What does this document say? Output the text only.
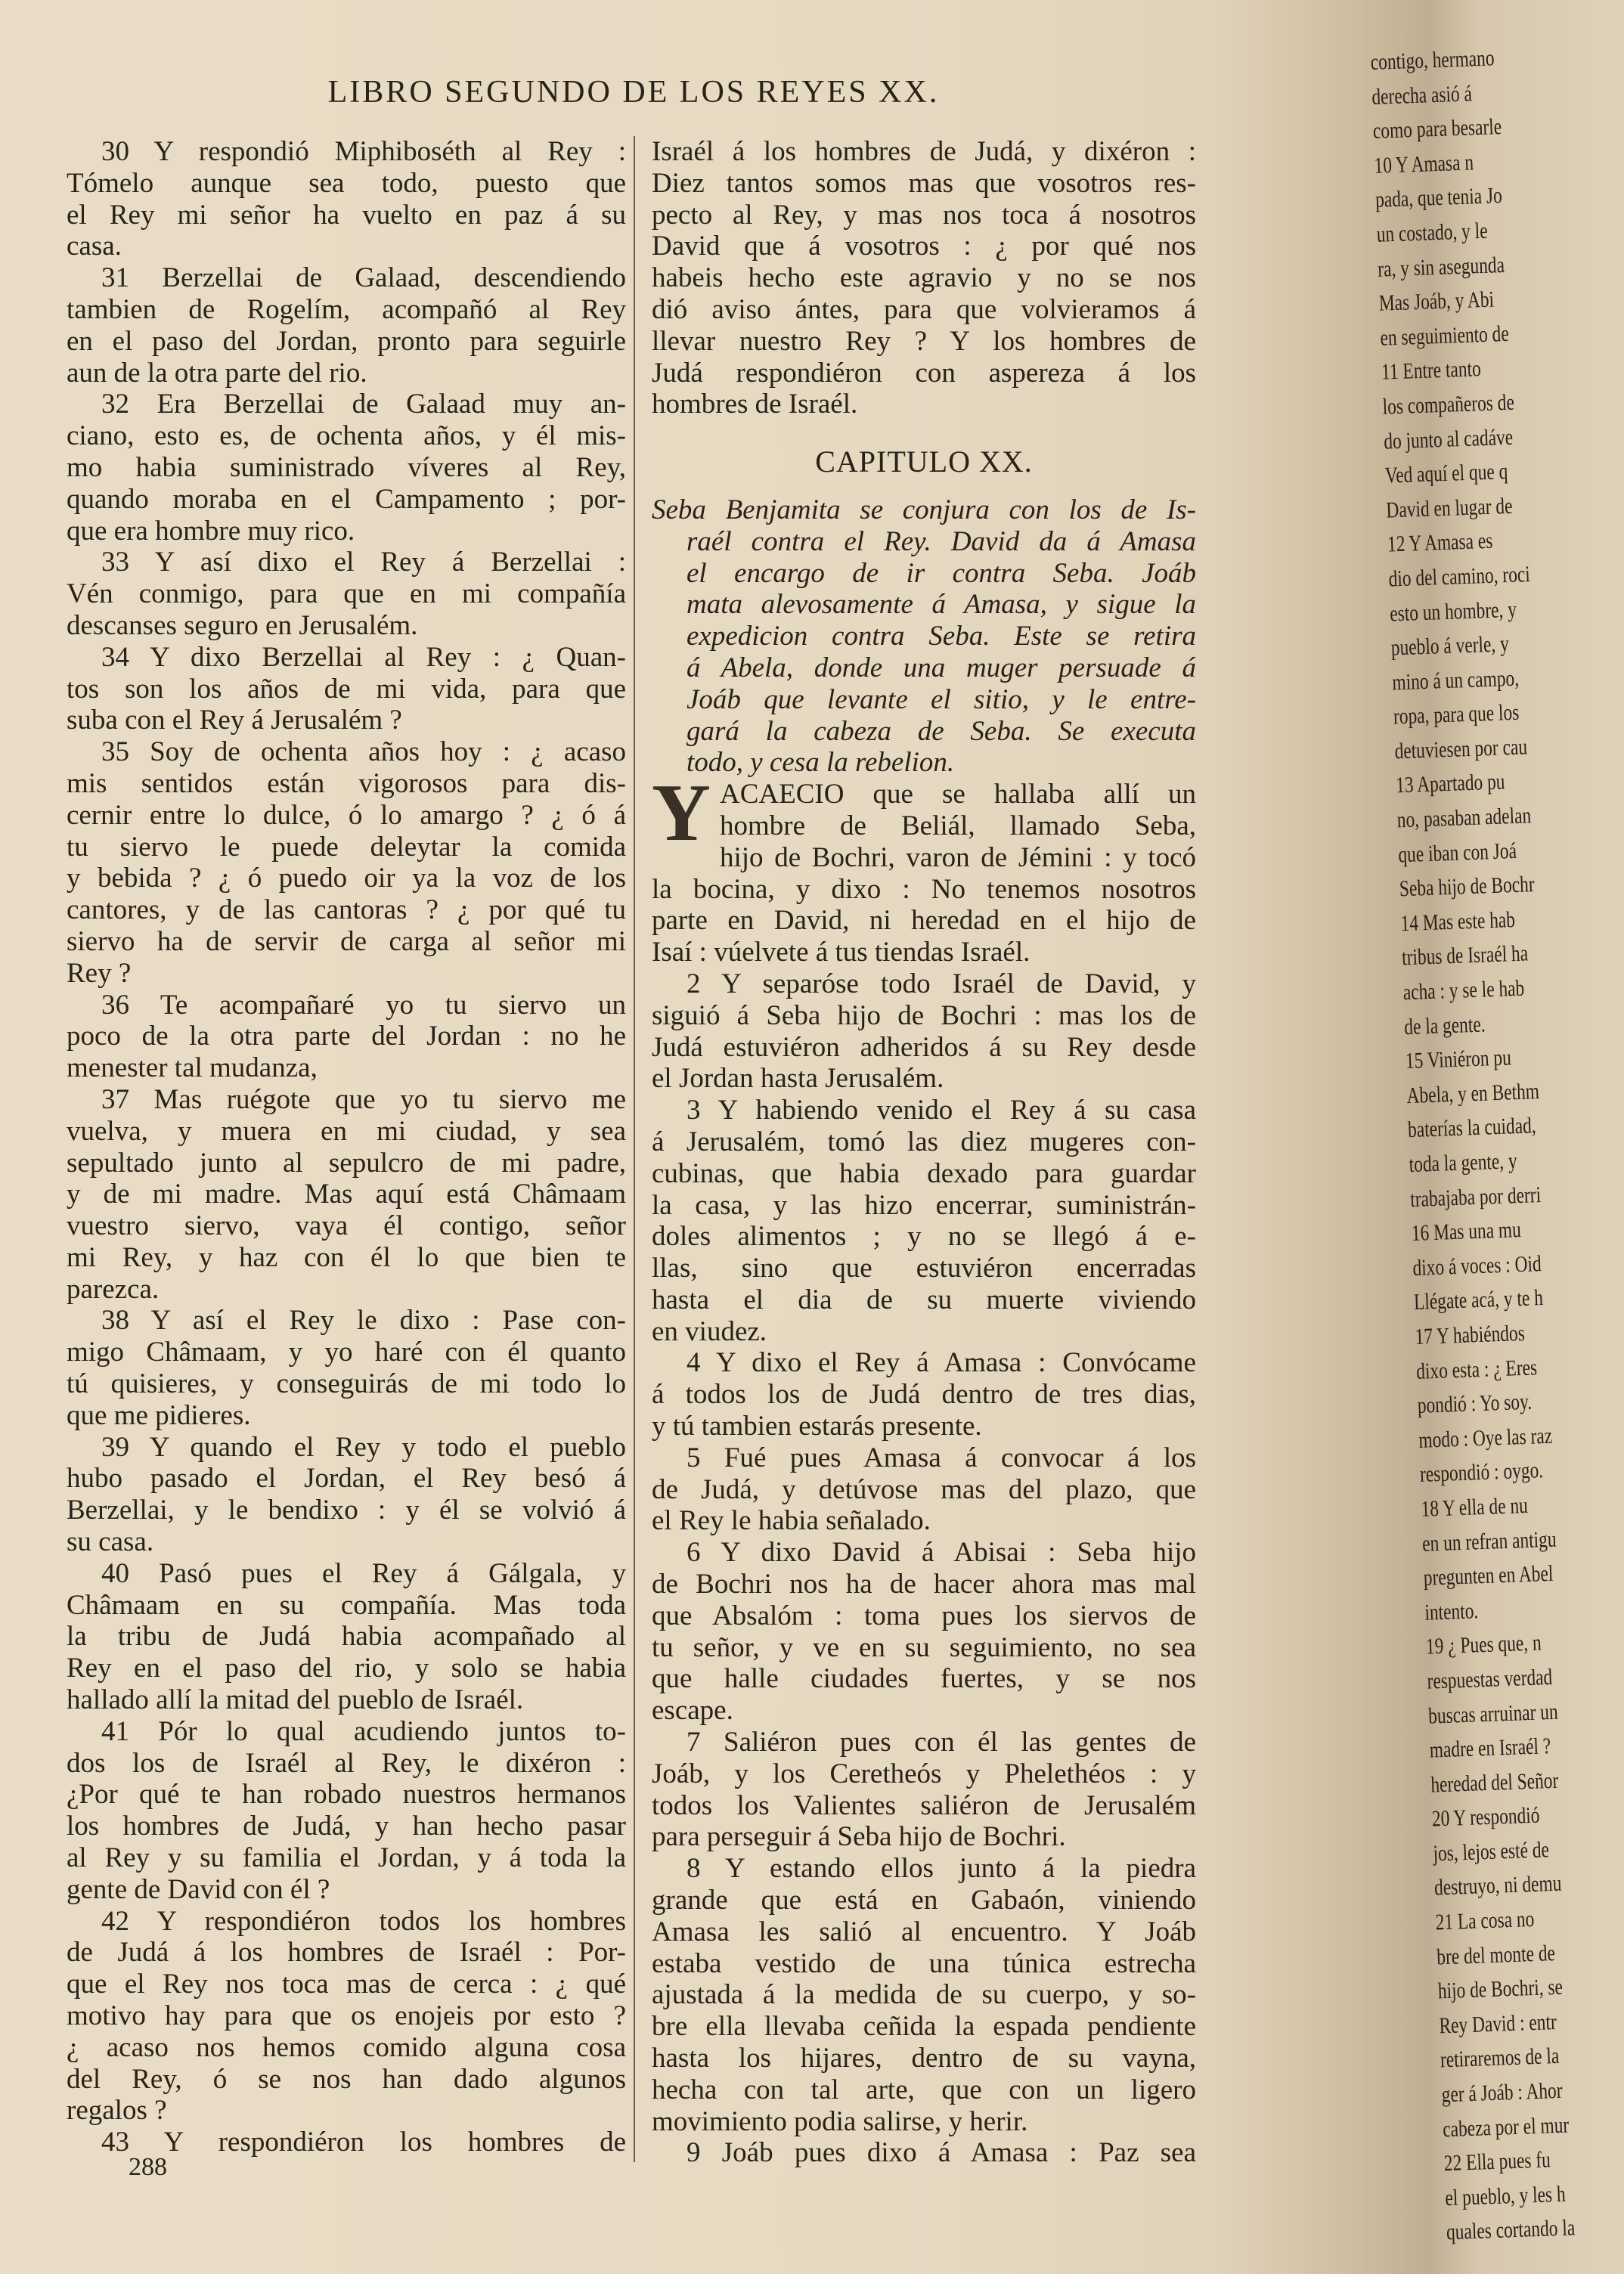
LIBRO SEGUNDO DE LOS REYES XX.
30 Y respondió Miphiboséth al Rey :
Tómelo aunque sea todo, puesto que
el Rey mi señor ha vuelto en paz á su
casa.
31 Berzellai de Galaad, descendiendo
tambien de Rogelím, acompañó al Rey
en el paso del Jordan, pronto para seguirle
aun de la otra parte del rio.
32 Era Berzellai de Galaad muy an-
ciano, esto es, de ochenta años, y él mis-
mo habia suministrado víveres al Rey,
quando moraba en el Campamento ; por-
que era hombre muy rico.
33 Y así dixo el Rey á Berzellai :
Vén conmigo, para que en mi compañía
descanses seguro en Jerusalém.
34 Y dixo Berzellai al Rey : ¿ Quan-
tos son los años de mi vida, para que
suba con el Rey á Jerusalém ?
35 Soy de ochenta años hoy : ¿ acaso
mis sentidos están vigorosos para dis-
cernir entre lo dulce, ó lo amargo ? ¿ ó á
tu siervo le puede deleytar la comida
y bebida ? ¿ ó puedo oir ya la voz de los
cantores, y de las cantoras ? ¿ por qué tu
siervo ha de servir de carga al señor mi
Rey ?
36 Te acompañaré yo tu siervo un
poco de la otra parte del Jordan : no he
menester tal mudanza,
37 Mas ruégote que yo tu siervo me
vuelva, y muera en mi ciudad, y sea
sepultado junto al sepulcro de mi padre,
y de mi madre. Mas aquí está Châmaam
vuestro siervo, vaya él contigo, señor
mi Rey, y haz con él lo que bien te
parezca.
38 Y así el Rey le dixo : Pase con-
migo Châmaam, y yo haré con él quanto
tú quisieres, y conseguirás de mi todo lo
que me pidieres.
39 Y quando el Rey y todo el pueblo
hubo pasado el Jordan, el Rey besó á
Berzellai, y le bendixo : y él se volvió á
su casa.
40 Pasó pues el Rey á Gálgala, y
Châmaam en su compañía. Mas toda
la tribu de Judá habia acompañado al
Rey en el paso del rio, y solo se habia
hallado allí la mitad del pueblo de Israél.
41 Pór lo qual acudiendo juntos to-
dos los de Israél al Rey, le dixéron :
¿Por qué te han robado nuestros hermanos
los hombres de Judá, y han hecho pasar
al Rey y su familia el Jordan, y á toda la
gente de David con él ?
42 Y respondiéron todos los hombres
de Judá á los hombres de Israél : Por-
que el Rey nos toca mas de cerca : ¿ qué
motivo hay para que os enojeis por esto ?
¿ acaso nos hemos comido alguna cosa
del Rey, ó se nos han dado algunos
regalos ?
43 Y respondiéron los hombres de
Israél á los hombres de Judá, y dixéron :
Diez tantos somos mas que vosotros res-
pecto al Rey, y mas nos toca á nosotros
David que á vosotros : ¿ por qué nos
habeis hecho este agravio y no se nos
dió aviso ántes, para que volvieramos á
llevar nuestro Rey ? Y los hombres de
Judá respondiéron con aspereza á los
hombres de Israél.
CAPITULO XX.
Seba Benjamita se conjura con los de Is-
raél contra el Rey. David da á Amasa
el encargo de ir contra Seba. Joáb
mata alevosamente á Amasa, y sigue la
expedicion contra Seba. Este se retira
á Abela, donde una muger persuade á
Joáb que levante el sitio, y le entre-
gará la cabeza de Seba. Se executa
todo, y cesa la rebelion.
Y ACAECIO que se hallaba allí un
hombre de Beliál, llamado Seba,
hijo de Bochri, varon de Jémini : y tocó
la bocina, y dixo : No tenemos nosotros
parte en David, ni heredad en el hijo de
Isaí : vúelvete á tus tiendas Israél.
2 Y separóse todo Israél de David, y
siguió á Seba hijo de Bochri : mas los de
Judá estuviéron adheridos á su Rey desde
el Jordan hasta Jerusalém.
3 Y habiendo venido el Rey á su casa
á Jerusalém, tomó las diez mugeres con-
cubinas, que habia dexado para guardar
la casa, y las hizo encerrar, suministrán-
doles alimentos ; y no se llegó á e-
llas, sino que estuviéron encerradas
hasta el dia de su muerte viviendo
en viudez.
4 Y dixo el Rey á Amasa : Convócame
á todos los de Judá dentro de tres dias,
y tú tambien estarás presente.
5 Fué pues Amasa á convocar á los
de Judá, y detúvose mas del plazo, que
el Rey le habia señalado.
6 Y dixo David á Abisai : Seba hijo
de Bochri nos ha de hacer ahora mas mal
que Absalóm : toma pues los siervos de
tu señor, y ve en su seguimiento, no sea
que halle ciudades fuertes, y se nos
escape.
7 Saliéron pues con él las gentes de
Joáb, y los Ceretheós y Phelethéos : y
todos los Valientes saliéron de Jerusalém
para perseguir á Seba hijo de Bochri.
8 Y estando ellos junto á la piedra
grande que está en Gabaón, viniendo
Amasa les salió al encuentro. Y Joáb
estaba vestido de una túnica estrecha
ajustada á la medida de su cuerpo, y so-
bre ella llevaba ceñida la espada pendiente
hasta los hijares, dentro de su vayna,
hecha con tal arte, que con un ligero
movimiento podia salirse, y herir.
9 Joáb pues dixo á Amasa : Paz sea
288
contigo, hermano
derecha asió á
como para besarle
10 Y Amasa n
pada, que tenia Jo
un costado, y le
ra, y sin asegunda
Mas Joáb, y Abi
en seguimiento de
11 Entre tanto
los compañeros de
do junto al cadáve
Ved aquí el que q
David en lugar de
12 Y Amasa es
dio del camino, roci
esto un hombre, y
pueblo á verle, y
mino á un campo,
ropa, para que los
detuviesen por cau
13 Apartado pu
no, pasaban adelan
que iban con Joá
Seba hijo de Bochr
14 Mas este hab
tribus de Israél ha
acha : y se le hab
de la gente.
15 Viniéron pu
Abela, y en Bethm
baterías la cuidad,
toda la gente, y
trabajaba por derri
16 Mas una mu
dixo á voces : Oid
Llégate acá, y te h
17 Y habiéndos
dixo esta : ¿ Eres
pondió : Yo soy.
modo : Oye las raz
respondió : oygo.
18 Y ella de nu
en un refran antigu
pregunten en Abel
intento.
19 ¿ Pues que, n
respuestas verdad
buscas arruinar un
madre en Israél ?
heredad del Señor
20 Y respondió
jos, lejos esté de
destruyo, ni demu
21 La cosa no
bre del monte de
hijo de Bochri, se
Rey David : entr
retiraremos de la
ger á Joáb : Ahor
cabeza por el mur
22 Ella pues fu
el pueblo, y les h
quales cortando la
